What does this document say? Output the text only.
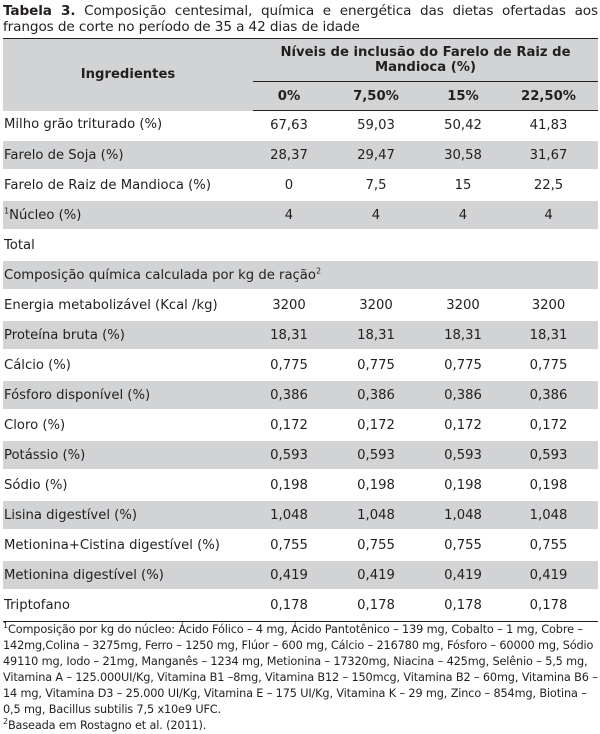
Tabela 3. Composição centesimal, química e energética das dietas ofertadas aos frangos de corte no período de 35 a 42 dias de idade
Ingredientes	Níveis de inclusão do Farelo de Raiz de Mandioca (%)			
	0%	7,50%	15%	22,50%
Milho grão triturado (%)	67,63	59,03	50,42	41,83
Farelo de Soja (%)	28,37	29,47	30,58	31,67
Farelo de Raiz de Mandioca (%)	0	7,5	15	22,5
$^1$Núcleo (%)	4	4	4	4
Total				
Composição química calculada por kg de ração$^2$
Energia metabolizável (Kcal /kg)	3200	3200	3200	3200
Proteína bruta (%)	18,31	18,31	18,31	18,31
Cálcio (%)	0,775	0,775	0,775	0,775
Fósforo disponível (%)	0,386	0,386	0,386	0,386
Cloro (%)	0,172	0,172	0,172	0,172
Potássio (%)	0,593	0,593	0,593	0,593
Sódio (%)	0,198	0,198	0,198	0,198
Lisina digestível (%)	1,048	1,048	1,048	1,048
Metionina+Cistina digestível (%)	0,755	0,755	0,755	0,755
Metionina digestível (%)	0,419	0,419	0,419	0,419
Triptofano	0,178	0,178	0,178	0,178

$^1$Composição por kg do núcleo: Ácido Fólico – 4 mg, Ácido Pantotênico – 139 mg, Cobalto – 1 mg, Cobre – 142mg,Colina – 3275mg, Ferro – 1250 mg, Flúor – 600 mg, Cálcio – 216780 mg, Fósforo – 60000 mg, Sódio 49110 mg, Iodo – 21mg, Manganês – 1234 mg, Metionina – 17320mg, Niacina – 425mg, Selênio – 5,5 mg, Vitamina A – 125.000UI/Kg, Vitamina B1 –8mg, Vitamina B12 – 150mcg, Vitamina B2 – 60mg, Vitamina B6 – 14 mg, Vitamina D3 – 25.000 UI/Kg, Vitamina E – 175 UI/Kg, Vitamina K – 29 mg, Zinco – 854mg, Biotina – 0,5 mg, Bacillus subtilis 7,5 x10e9 UFC.

$^2$Baseada em Rostagno et al. (2011).
